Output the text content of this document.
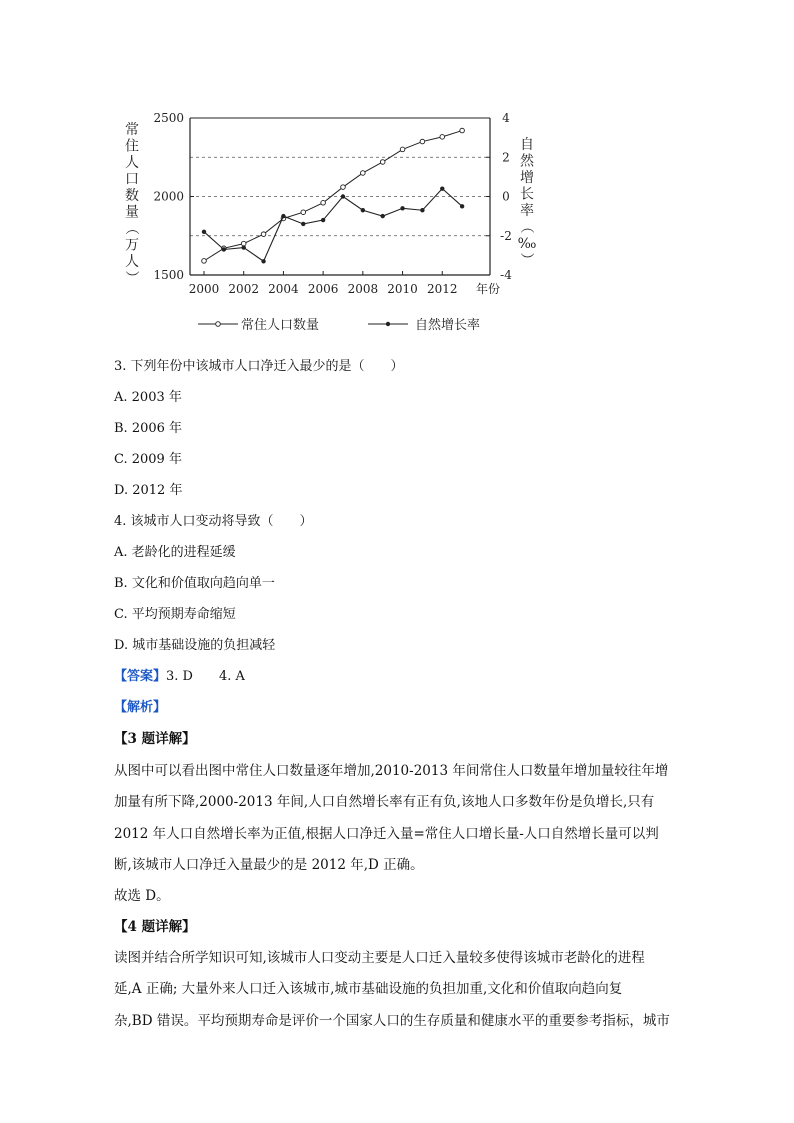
2500
2000
1500
4
2
0
-2
-4
2000 2002 2004 2006 2008 2010 2012 年份
常
住
人
口
数
量
（
万
人
）
自
然
增
长
率
（
‰
）
常住人口数量	自然增长率
3. 下列年份中该城市人口净迁入最少的是（　　）
A. 2003 年
B. 2006 年
C. 2009 年
D. 2012 年
4. 该城市人口变动将导致（　　）
A. 老龄化的进程延缓
B. 文化和价值取向趋向单一
C. 平均预期寿命缩短
D. 城市基础设施的负担减轻
【答案】3. D　　4. A
【解析】
【3 题详解】
从图中可以看出图中常住人口数量逐年增加,2010-2013 年间常住人口数量年增加量较往年增
加量有所下降,2000-2013 年间,人口自然增长率有正有负,该地人口多数年份是负增长,只有
2012 年人口自然增长率为正值,根据人口净迁入量=常住人口增长量-人口自然增长量可以判
断,该城市人口净迁入量最少的是 2012 年,D 正确。
故选 D。
【4 题详解】
读图并结合所学知识可知,该城市人口变动主要是人口迁入量较多使得该城市老龄化的进程
延,A 正确; 大量外来人口迁入该城市,城市基础设施的负担加重,文化和价值取向趋向复
杂,BD 错误。平均预期寿命是评价一个国家人口的生存质量和健康水平的重要参考指标，城市
